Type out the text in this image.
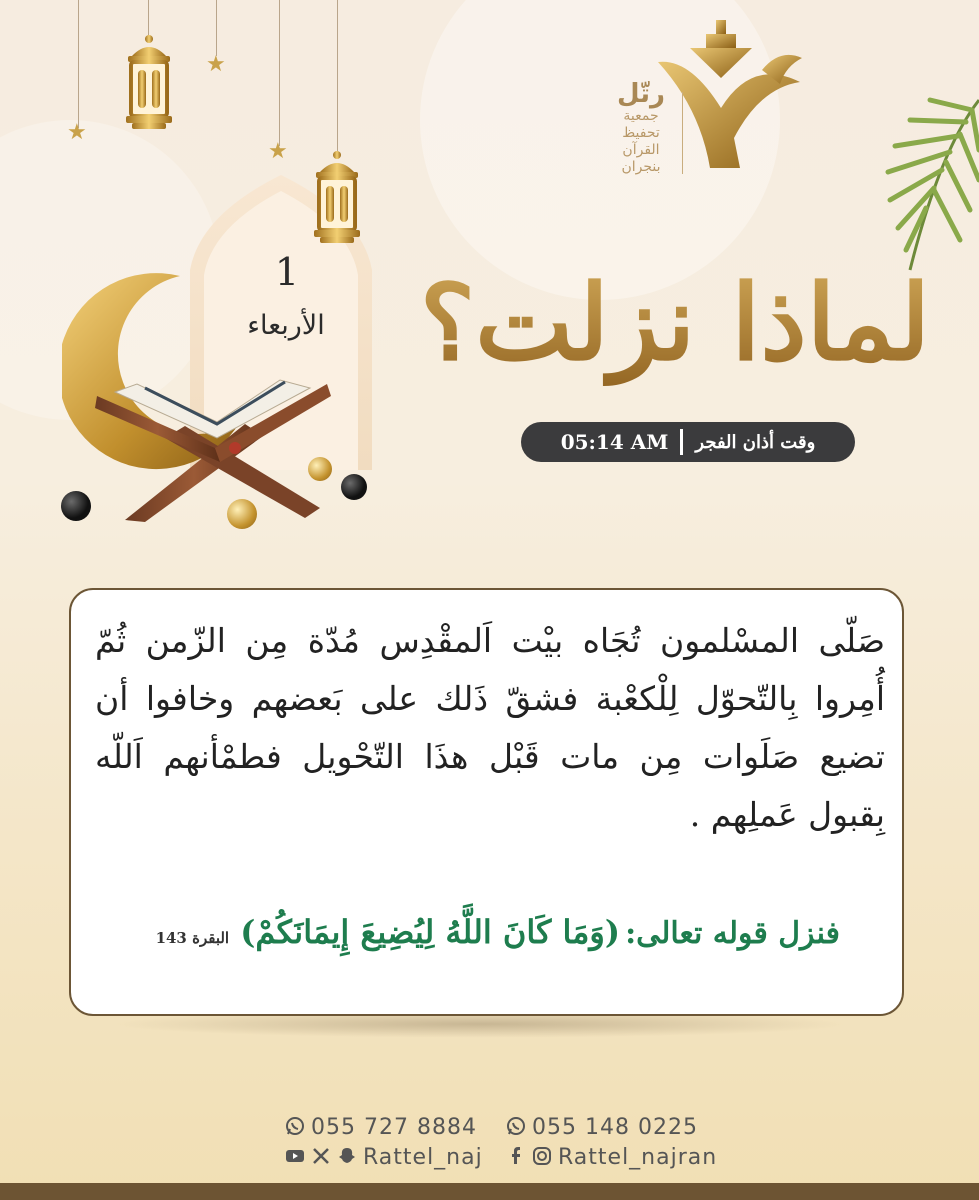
★
★
★
1
الأربعاء
رتّل
جمعية
تحفيظ
القرآن
بنجران
لماذا نزلت؟
وقت أذان الفجر
05:14 AM
صَلّى المسْلمون تُجَاه بيْت اَلمقْدِس مُدّة مِن الزّمن ثُمّ أُمِروا بِالتّحوّل لِلْكعْبة فشقّ ذَلك على بَعضهم وخافوا أن تضيع صَلَوات مِن مات قَبْل هذَا التّحْويل فطمْأنهم اَللّه بِقبول عَملِهم .
فنزل قوله تعالى: (وَمَا كَانَ اللَّهُ لِيُضِيعَ إِيمَانَكُمْ) البقرة 143
055 727 8884	055 148 0225
Rattel_naj	Rattel_najran
